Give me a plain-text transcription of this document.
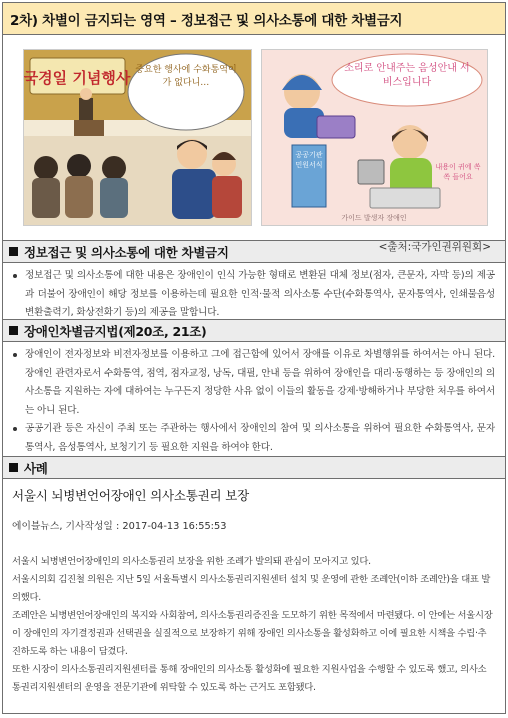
2차) 차별이 금지되는 영역 – 정보접근 및 의사소통에 대한 차별금지
국경일 기념행사 중요한 행사에 수화통역이가 없다니…
소리로 안내주는 음성안내 서비스입니다
공공기관 민원서식	내용이 귀에 쏙쏙 들어요
가이드 발생자 장애인
<출처:국가인권위원회>
정보접근 및 의사소통에 대한 차별금지
정보접근 및 의사소통에 대한 내용은 장애인이 인식 가능한 형태로 변환된 대체 정보(점자, 큰문자, 자막 등)의 제공과 더불어 장애인이 해당 정보를 이용하는데 필요한 인적·물적 의사소통 수단(수화통역사, 문자통역사, 인쇄물음성변환출력기, 화상전화기 등)의 제공을 말합니다.
장애인차별금지법(제20조, 21조)
장애인이 전자정보와 비전자정보를 이용하고 그에 접근함에 있어서 장애를 이유로 차별행위를 하여서는 아니 된다. 장애인 관련자로서 수화통역, 점역, 점자교정, 낭독, 대필, 안내 등을 위하여 장애인을 대리·동행하는 등 장애인의 의사소통을 지원하는 자에 대하여는 누구든지 정당한 사유 없이 이들의 활동을 강제·방해하거나 부당한 처우를 하여서는 아니 된다.
공공기관 등은 자신이 주최 또는 주관하는 행사에서 장애인의 참여 및 의사소통을 위하여 필요한 수화통역사, 문자통역사, 음성통역사, 보청기기 등 필요한 지원을 하여야 한다.
사례
서울시 뇌병변언어장애인 의사소통권리 보장
에이블뉴스, 기사작성일 : 2017-04-13 16:55:53

서울시 뇌병변언어장애인의 의사소통권리 보장을 위한 조례가 발의돼 관심이 모아지고 있다.

서울시의회 김진철 의원은 지난 5일 서울특별시 의사소통권리지원센터 설치 및 운영에 관한 조례안(이하 조례안)을 대표 발의했다.

조례안은 뇌병변언어장애인의 복지와 사회참여, 의사소통권리증진을 도모하기 위한 목적에서 마련됐다. 이 안에는 서울시장이 장애인의 자기결정권과 선택권을 실질적으로 보장하기 위해 장애인 의사소통을 활성화하고 이에 필요한 시책을 수립·추진하도록 하는 내용이 담겼다.

또한 시장이 의사소통권리지원센터를 통해 장애인의 의사소통 활성화에 필요한 지원사업을 수행할 수 있도록 했고, 의사소통권리지원센터의 운영을 전문기관에 위탁할 수 있도록 하는 근거도 포함됐다.
